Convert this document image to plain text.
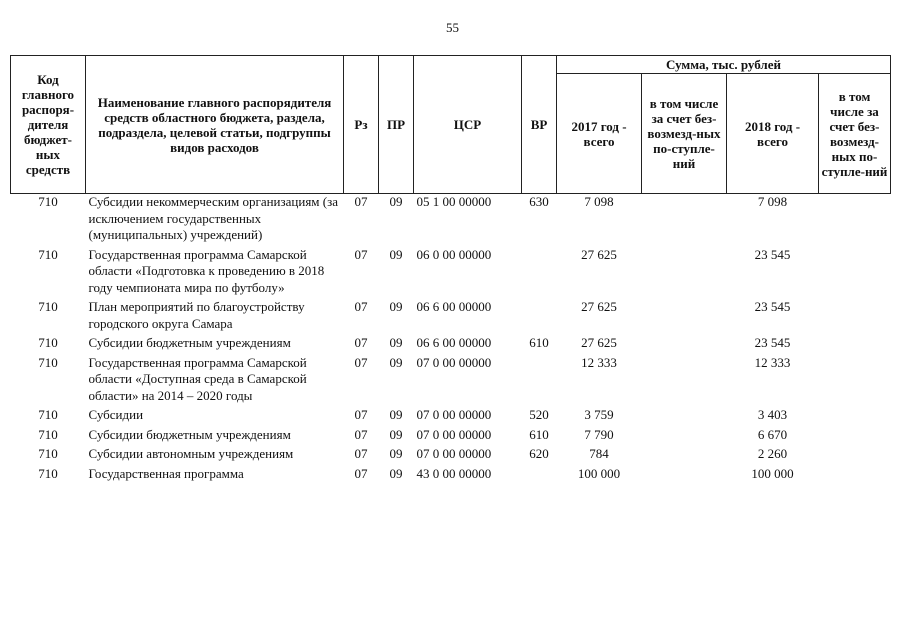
55
Код главного распоря-дителя бюджет-ных средств	Наименование главного распорядителя средств областного бюджета, раздела, подраздела, целевой статьи, подгруппы видов расходов	Рз	ПР	ЦСР	ВР	Сумма, тыс. рублей			
						2017 год - всего	в том числе за счет без-возмезд-ных по-ступле-ний	2018 год - всего	в том числе за счет без-возмезд-ных по-ступле-ний
710	Субсидии некоммерческим организациям (за исключением государственных (муниципальных) учреждений)	07	09	05 1 00 00000	630	7 098		7 098	
710	Государственная программа Самарской области «Подготовка к проведению в 2018 году чемпионата мира по футболу»	07	09	06 0 00 00000		27 625		23 545	
710	План мероприятий по благоустройству городского округа Самара	07	09	06 6 00 00000		27 625		23 545	
710	Субсидии бюджетным учреждениям	07	09	06 6 00 00000	610	27 625		23 545	
710	Государственная программа Самарской области «Доступная среда в Самарской области» на 2014 – 2020 годы	07	09	07 0 00 00000		12 333		12 333	
710	Субсидии	07	09	07 0 00 00000	520	3 759		3 403	
710	Субсидии бюджетным учреждениям	07	09	07 0 00 00000	610	7 790		6 670	
710	Субсидии автономным учреждениям	07	09	07 0 00 00000	620	784		2 260	
710	Государственная программа	07	09	43 0 00 00000		100 000		100 000	
